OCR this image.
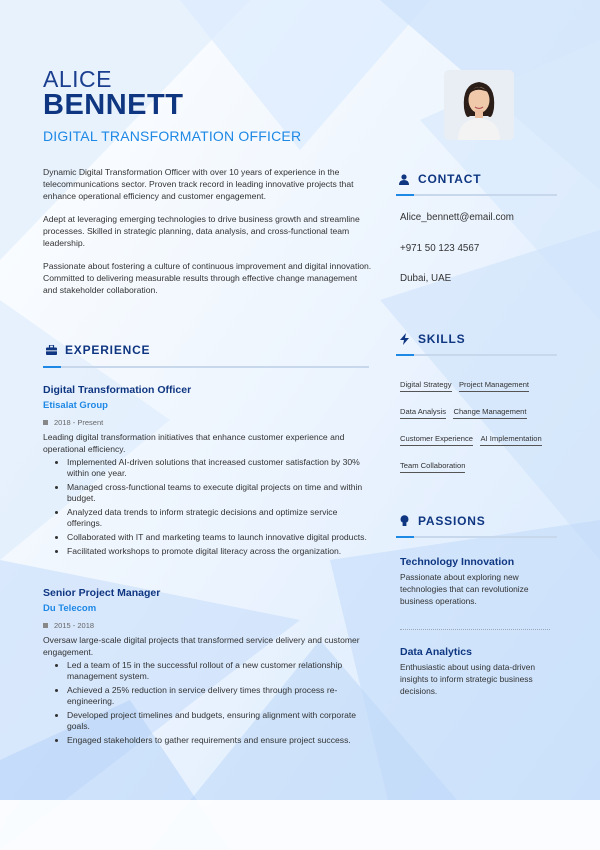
ALICE
BENNETT
DIGITAL TRANSFORMATION OFFICER

Dynamic Digital Transformation Officer with over 10 years of experience in the telecommunications sector. Proven track record in leading innovative projects that enhance operational efficiency and customer engagement.

Adept at leveraging emerging technologies to drive business growth and streamline processes. Skilled in strategic planning, data analysis, and cross-functional team leadership.

Passionate about fostering a culture of continuous improvement and digital innovation. Committed to delivering measurable results through effective change management and stakeholder collaboration.

CONTACT
Alice_bennett@email.com
+971 50 123 4567
Dubai, UAE
SKILLS
Digital Strategy Project Management Data Analysis Change Management Customer Experience AI Implementation Team Collaboration
PASSIONS
Technology Innovation
Passionate about exploring new technologies that can revolutionize business operations.
Data Analytics
Enthusiastic about using data-driven insights to inform strategic business decisions.
EXPERIENCE
Digital Transformation Officer
Etisalat Group
2018 - Present
Leading digital transformation initiatives that enhance customer experience and operational efficiency.
Implemented AI-driven solutions that increased customer satisfaction by 30% within one year.
Managed cross-functional teams to execute digital projects on time and within budget.
Analyzed data trends to inform strategic decisions and optimize service offerings.
Collaborated with IT and marketing teams to launch innovative digital products.
Facilitated workshops to promote digital literacy across the organization.
Senior Project Manager
Du Telecom
2015 - 2018
Oversaw large-scale digital projects that transformed service delivery and customer engagement.
Led a team of 15 in the successful rollout of a new customer relationship management system.
Achieved a 25% reduction in service delivery times through process re-engineering.
Developed project timelines and budgets, ensuring alignment with corporate goals.
Engaged stakeholders to gather requirements and ensure project success.
